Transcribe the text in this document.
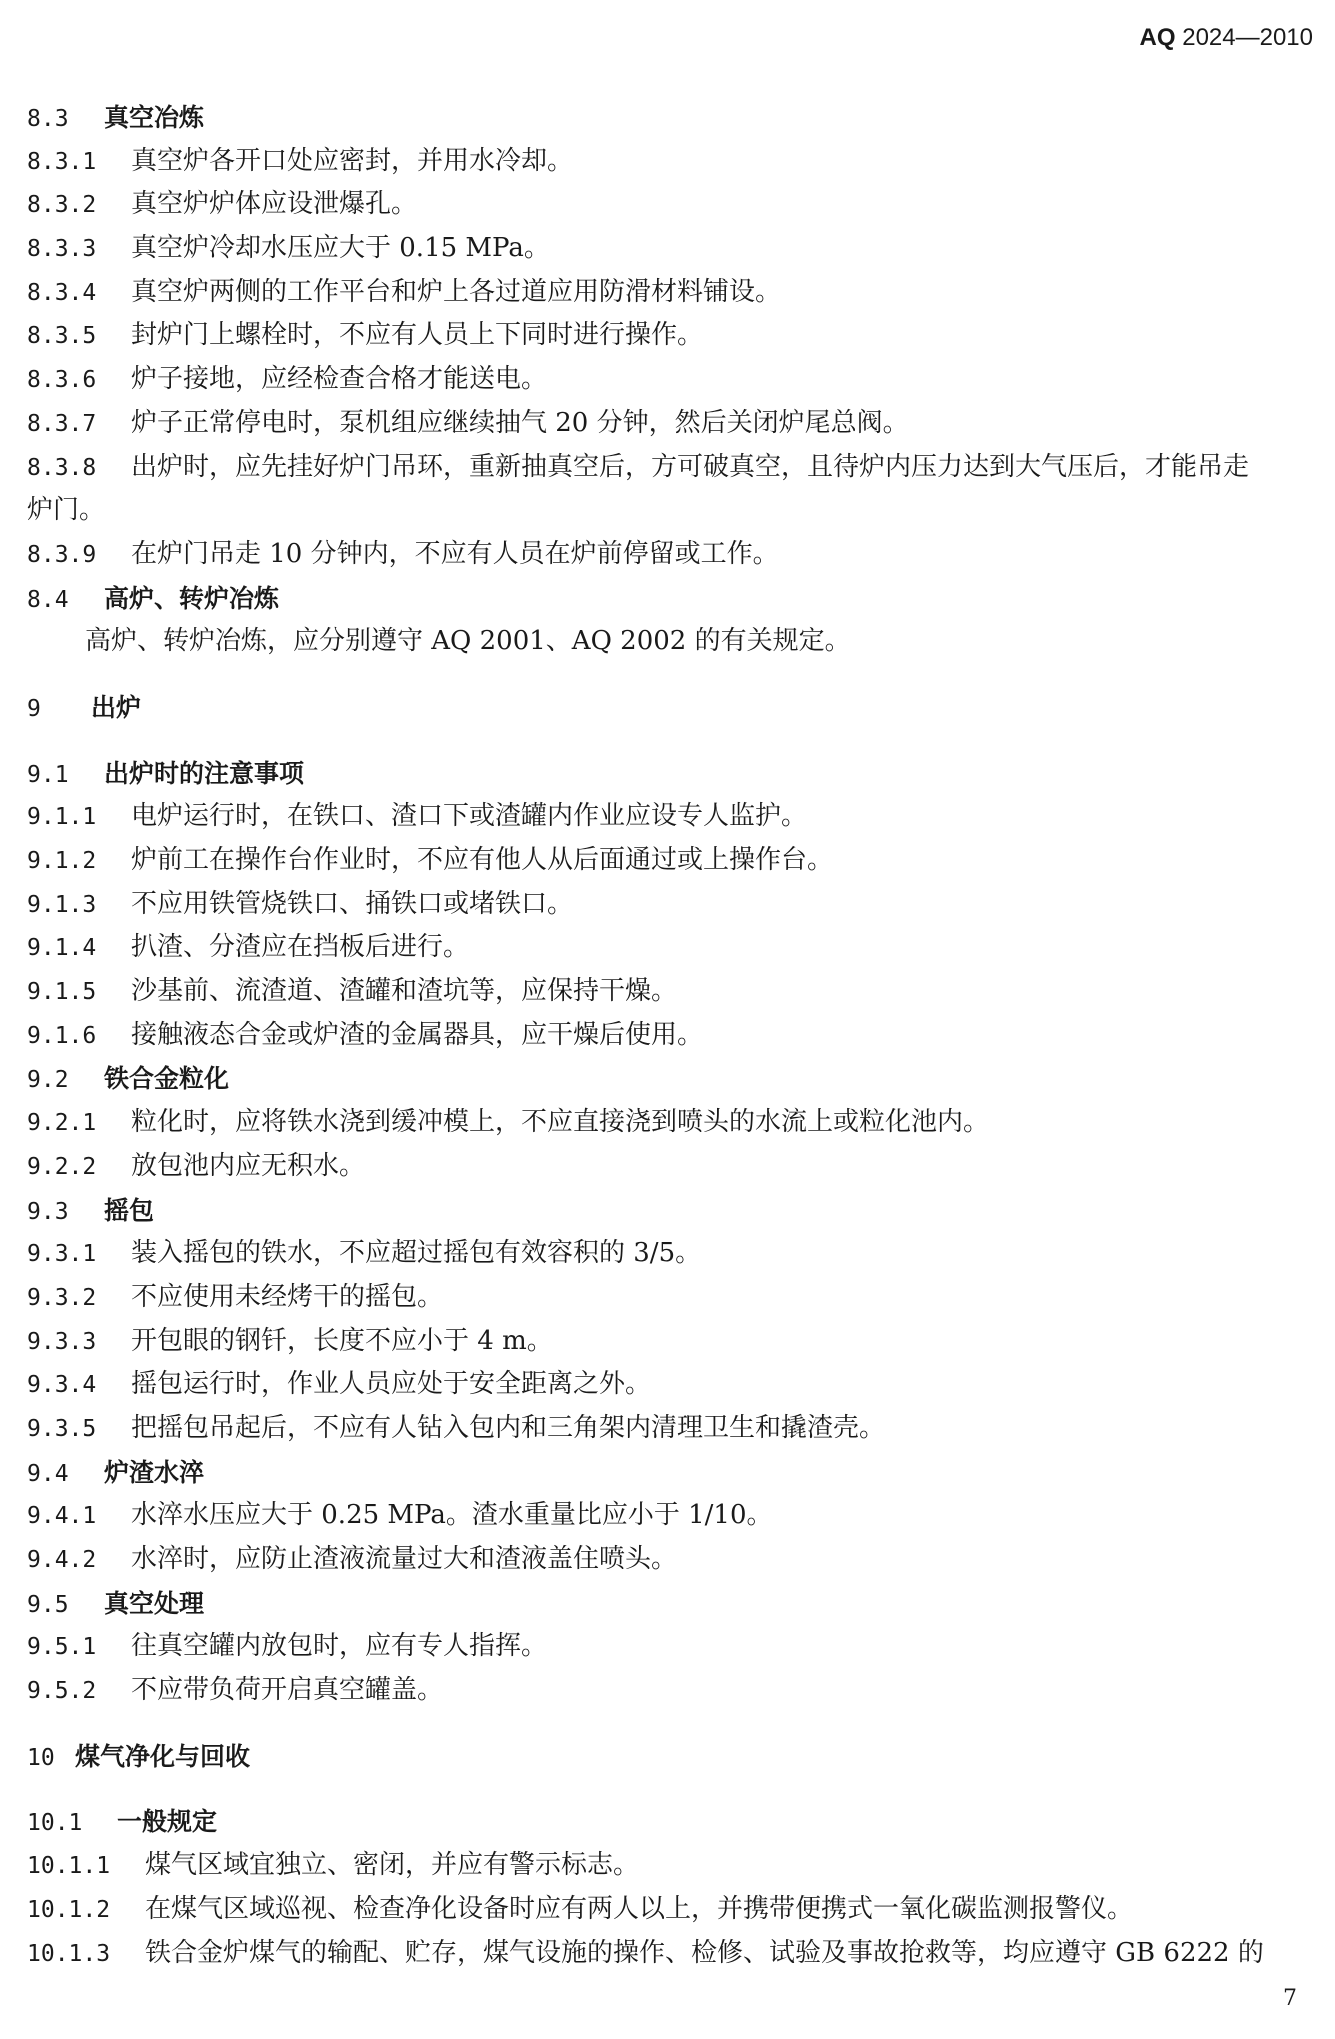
AQ 2024—2010
8.3 真空冶炼
8.3.1 真空炉各开口处应密封，并用水冷却。
8.3.2 真空炉炉体应设泄爆孔。
8.3.3 真空炉冷却水压应大于 0.15 MPa。
8.3.4 真空炉两侧的工作平台和炉上各过道应用防滑材料铺设。
8.3.5 封炉门上螺栓时，不应有人员上下同时进行操作。
8.3.6 炉子接地，应经检查合格才能送电。
8.3.7 炉子正常停电时，泵机组应继续抽气 20 分钟，然后关闭炉尾总阀。
8.3.8 出炉时，应先挂好炉门吊环，重新抽真空后，方可破真空，且待炉内压力达到大气压后，才能吊走
炉门。
8.3.9 在炉门吊走 10 分钟内，不应有人员在炉前停留或工作。
8.4 高炉、转炉冶炼
高炉、转炉冶炼，应分别遵守 AQ 2001、AQ 2002 的有关规定。
9 出炉
9.1 出炉时的注意事项
9.1.1 电炉运行时，在铁口、渣口下或渣罐内作业应设专人监护。
9.1.2 炉前工在操作台作业时，不应有他人从后面通过或上操作台。
9.1.3 不应用铁管烧铁口、捅铁口或堵铁口。
9.1.4 扒渣、分渣应在挡板后进行。
9.1.5 沙基前、流渣道、渣罐和渣坑等，应保持干燥。
9.1.6 接触液态合金或炉渣的金属器具，应干燥后使用。
9.2 铁合金粒化
9.2.1 粒化时，应将铁水浇到缓冲模上，不应直接浇到喷头的水流上或粒化池内。
9.2.2 放包池内应无积水。
9.3 摇包
9.3.1 装入摇包的铁水，不应超过摇包有效容积的 3/5。
9.3.2 不应使用未经烤干的摇包。
9.3.3 开包眼的钢钎，长度不应小于 4 m。
9.3.4 摇包运行时，作业人员应处于安全距离之外。
9.3.5 把摇包吊起后，不应有人钻入包内和三角架内清理卫生和撬渣壳。
9.4 炉渣水淬
9.4.1 水淬水压应大于 0.25 MPa。渣水重量比应小于 1/10。
9.4.2 水淬时，应防止渣液流量过大和渣液盖住喷头。
9.5 真空处理
9.5.1 往真空罐内放包时，应有专人指挥。
9.5.2 不应带负荷开启真空罐盖。
10 煤气净化与回收
10.1 一般规定
10.1.1 煤气区域宜独立、密闭，并应有警示标志。
10.1.2 在煤气区域巡视、检查净化设备时应有两人以上，并携带便携式一氧化碳监测报警仪。
10.1.3 铁合金炉煤气的输配、贮存，煤气设施的操作、检修、试验及事故抢救等，均应遵守 GB 6222 的
7
